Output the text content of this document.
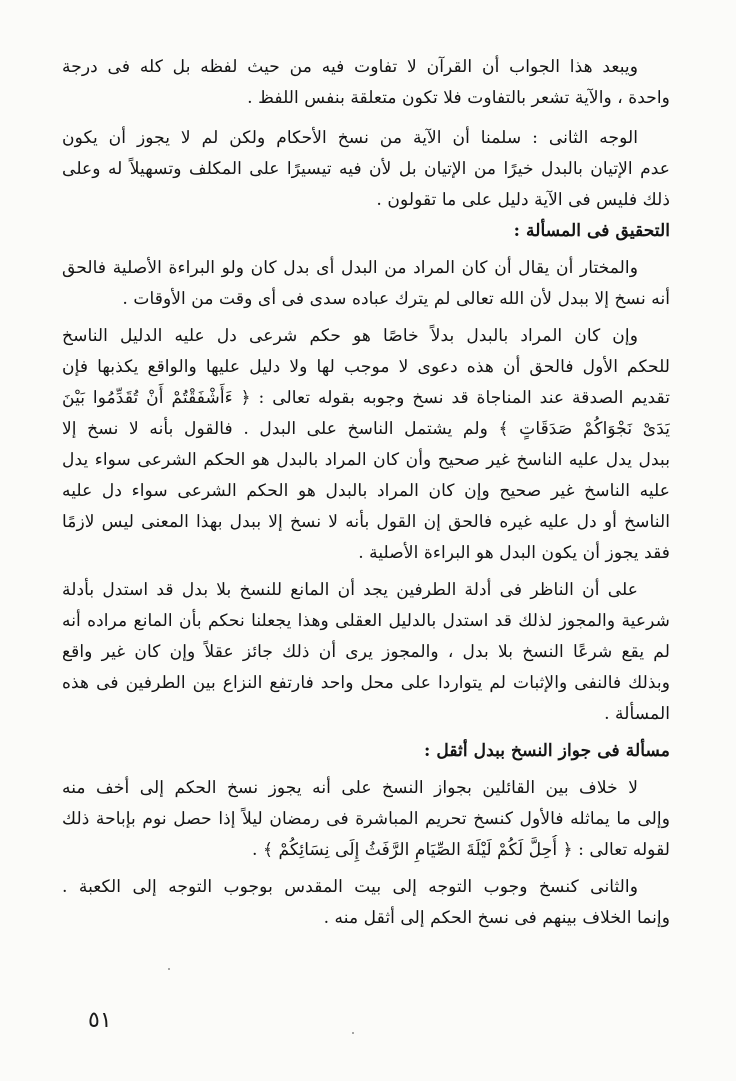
ويبعد هذا الجواب أن القرآن لا تفاوت فيه من حيث لفظه بل كله فى درجة
واحدة ، والآية تشعر بالتفاوت فلا تكون متعلقة بنفس اللفظ .
الوجه الثانى : سلمنا أن الآية من نسخ الأحكام ولكن لم لا يجوز أن يكون
عدم الإتيان بالبدل خيرًا من الإتيان بل لأن فيه تيسيرًا على المكلف وتسهيلاً له وعلى
ذلك فليس فى الآية دليل على ما تقولون .
التحقيق فى المسألة :
والمختار أن يقال أن كان المراد من البدل أى بدل كان ولو البراءة الأصلية فالحق
أنه نسخ إلا ببدل لأن الله تعالى لم يترك عباده سدى فى أى وقت من الأوقات .
وإن كان المراد بالبدل بدلاً خاصًا هو حكم شرعى دل عليه الدليل الناسخ
للحكم الأول فالحق أن هذه دعوى لا موجب لها ولا دليل عليها والواقع يكذبها فإن
تقديم الصدقة عند المناجاة قد نسخ وجوبه بقوله تعالى : ﴿ ءَأَشْفَقْتُمْ أَنْ تُقَدِّمُوا بَيْنَ
يَدَىْ نَجْوَاكُمْ صَدَقَاتٍ ﴾ ولم يشتمل الناسخ على البدل . فالقول بأنه لا نسخ إلا
ببدل يدل عليه الناسخ غير صحيح وأن كان المراد بالبدل هو الحكم الشرعى سواء يدل
عليه الناسخ غير صحيح وإن كان المراد بالبدل هو الحكم الشرعى سواء دل عليه
الناسخ أو دل عليه غيره فالحق إن القول بأنه لا نسخ إلا ببدل بهذا المعنى ليس لازمًا
فقد يجوز أن يكون البدل هو البراءة الأصلية .
على أن الناظر فى أدلة الطرفين يجد أن المانع للنسخ بلا بدل قد استدل بأدلة
شرعية والمجوز لذلك قد استدل بالدليل العقلى وهذا يجعلنا نحكم بأن المانع مراده أنه
لم يقع شرعًا النسخ بلا بدل ، والمجوز يرى أن ذلك جائز عقلاً وإن كان غير واقع
وبذلك فالنفى والإثبات لم يتواردا على محل واحد فارتفع النزاع بين الطرفين فى هذه
المسألة .
مسألة فى جواز النسخ ببدل أثقل :
لا خلاف بين القائلين بجواز النسخ على أنه يجوز نسخ الحكم إلى أخف منه
وإلى ما يماثله فالأول كنسخ تحريم المباشرة فى رمضان ليلاً إذا حصل نوم بإباحة ذلك
لقوله تعالى : ﴿ أُحِلَّ لَكُمْ لَيْلَةَ الصِّيَامِ الرَّفَثُ إِلَى نِسَائِكُمْ ﴾ .
والثانى كنسخ وجوب التوجه إلى بيت المقدس بوجوب التوجه إلى الكعبة .
وإنما الخلاف بينهم فى نسخ الحكم إلى أثقل منه .
٥١
